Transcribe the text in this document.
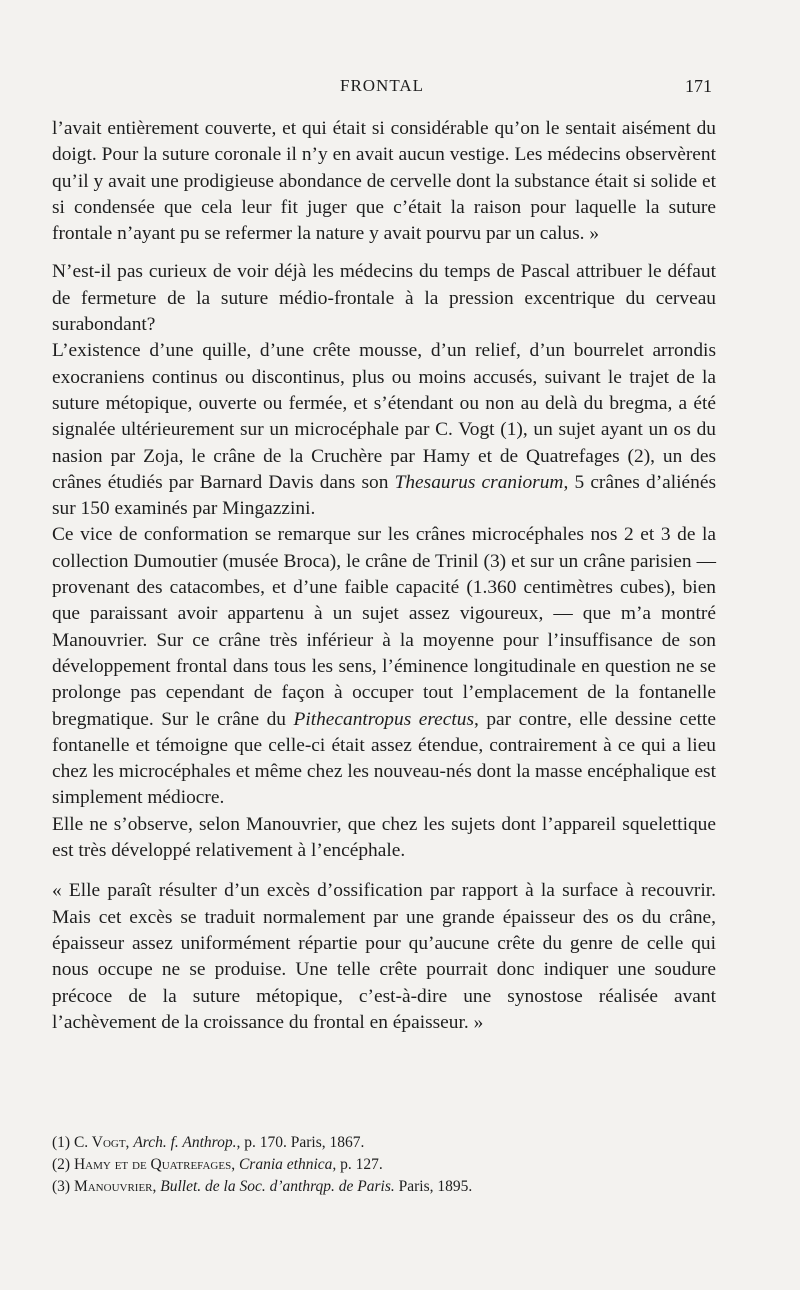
FRONTAL	171

l’avait entièrement couverte, et qui était si considérable qu’on le sentait aisément du doigt. Pour la suture coronale il n’y en avait aucun vestige. Les médecins observèrent qu’il y avait une prodigieuse abondance de cervelle dont la substance était si solide et si condensée que cela leur fit juger que c’était la raison pour laquelle la suture frontale n’ayant pu se refermer la nature y avait pourvu par un calus. »

N’est-il pas curieux de voir déjà les médecins du temps de Pascal attribuer le défaut de fermeture de la suture médio-frontale à la pression excentrique du cerveau surabondant?

L’existence d’une quille, d’une crête mousse, d’un relief, d’un bourrelet arrondis exocraniens continus ou discontinus, plus ou moins accusés, suivant le trajet de la suture métopique, ouverte ou fermée, et s’étendant ou non au delà du bregma, a été signalée ultérieurement sur un microcéphale par C. Vogt (1), un sujet ayant un os du nasion par Zoja, le crâne de la Cruchère par Hamy et de Quatrefages (2), un des crânes étudiés par Barnard Davis dans son Thesaurus craniorum, 5 crânes d’aliénés sur 150 examinés par Mingazzini.

Ce vice de conformation se remarque sur les crânes microcéphales nos 2 et 3 de la collection Dumoutier (musée Broca), le crâne de Trinil (3) et sur un crâne parisien — provenant des catacombes, et d’une faible capacité (1.360 centimètres cubes), bien que paraissant avoir appartenu à un sujet assez vigoureux, — que m’a montré Manouvrier. Sur ce crâne très inférieur à la moyenne pour l’insuffisance de son développement frontal dans tous les sens, l’éminence longitudinale en question ne se prolonge pas cependant de façon à occuper tout l’emplacement de la fontanelle bregmatique. Sur le crâne du Pithecantropus erectus, par contre, elle dessine cette fontanelle et témoigne que celle-ci était assez étendue, contrairement à ce qui a lieu chez les microcéphales et même chez les nouveau-nés dont la masse encéphalique est simplement médiocre.

Elle ne s’observe, selon Manouvrier, que chez les sujets dont l’appareil squelettique est très développé relativement à l’encéphale.

« Elle paraît résulter d’un excès d’ossification par rapport à la surface à recouvrir. Mais cet excès se traduit normalement par une grande épaisseur des os du crâne, épaisseur assez uniformément répartie pour qu’aucune crête du genre de celle qui nous occupe ne se produise. Une telle crête pourrait donc indiquer une soudure précoce de la suture métopique, c’est-à-dire une synostose réalisée avant l’achèvement de la croissance du frontal en épaisseur. »

(1) C. Vogt, Arch. f. Anthrop., p. 170. Paris, 1867.

(2) Hamy et de Quatrefages, Crania ethnica, p. 127.

(3) Manouvrier, Bullet. de la Soc. d’anthrqp. de Paris. Paris, 1895.
